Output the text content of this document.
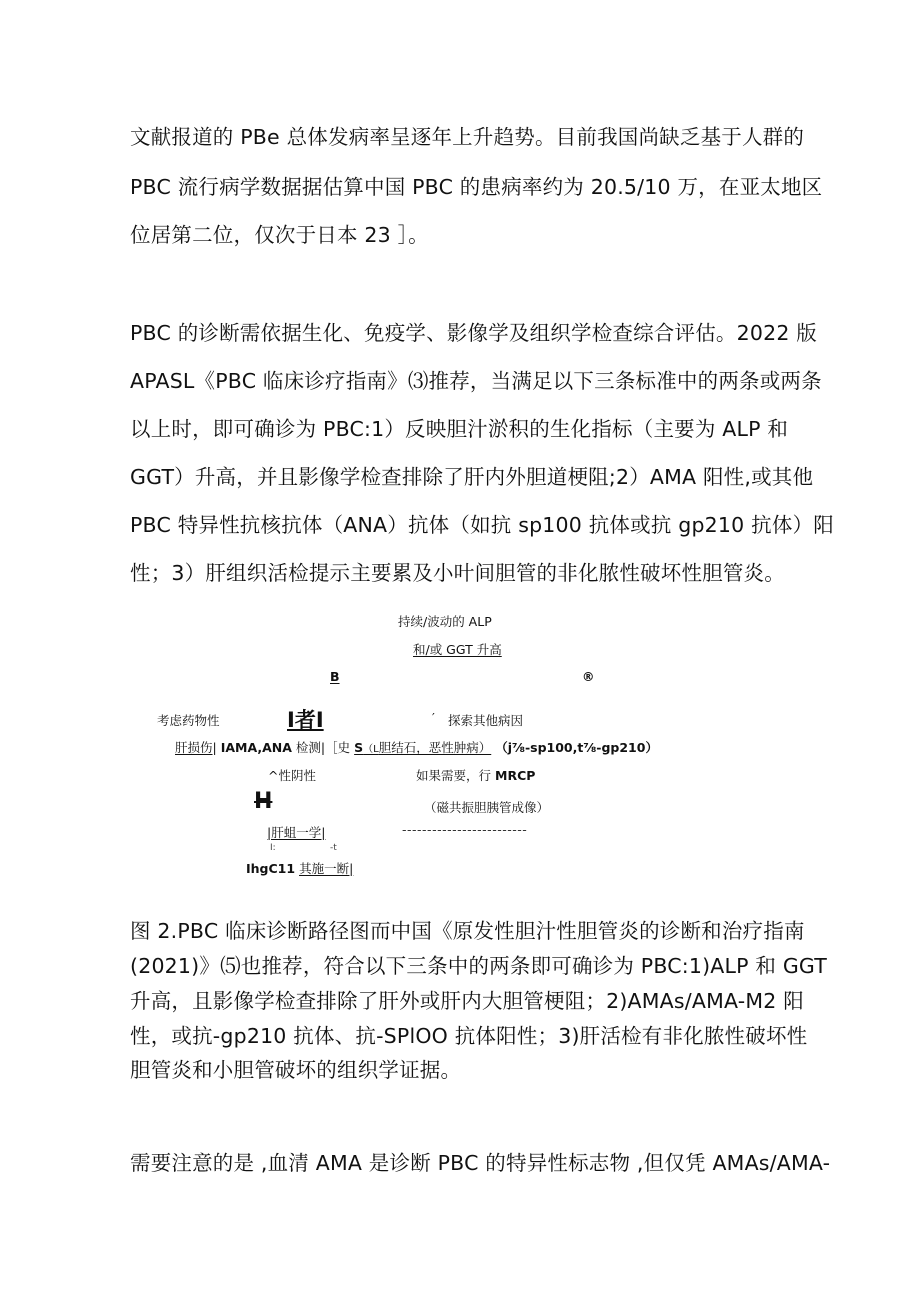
文献报道的 PBe 总体发病率呈逐年上升趋势。目前我国尚缺乏基于人群的
PBC 流行病学数据据估算中国 PBC 的患病率约为 20.5/10 万，在亚太地区
位居第二位，仅次于日本 23 ］。
PBC 的诊断需依据生化、免疫学、影像学及组织学检查综合评估。2022 版
APASL《PBC 临床诊疗指南》⑶推荐，当满足以下三条标准中的两条或两条
以上时，即可确诊为 PBC:1）反映胆汁淤积的生化指标（主要为 ALP 和
GGT）升高，并且影像学检查排除了肝内外胆道梗阻;2）AMA 阳性,或其他
PBC 特异性抗核抗体（ANA）抗体（如抗 sp100 抗体或抗 gp210 抗体）阳
性；3）肝组织活检提示主要累及小叶间胆管的非化脓性破坏性胆管炎。
持续/波动的 ALP
和/或 GGT 升高
B	®
考虑药物性	I者I	′ 探索其他病因
肝损伤| IAMA,ANA 检测|［史 S（L胆结石，恶性肿病） （j⅞-sp100,t⅞-gp210）
^性阴性	如果需要，行 MRCP
H	（磁共振胆胰管成像）
|肝蛆一学|	-------------------------
I:	-t
IhgC11 其施一断|
图 2.PBC 临床诊断路径图而中国《原发性胆汁性胆管炎的诊断和治疗指南
(2021)》⑸也推荐，符合以下三条中的两条即可确诊为 PBC:1)ALP 和 GGT
升高，且影像学检查排除了肝外或肝内大胆管梗阻；2)AMAs∕AMA-M2 阳
性，或抗-gp210 抗体、抗-SPlOO 抗体阳性；3)肝活检有非化脓性破坏性
胆管炎和小胆管破坏的组织学证据。
需要注意的是 ,血清 AMA 是诊断 PBC 的特异性标志物 ,但仅凭 AMAs∕AMA-
